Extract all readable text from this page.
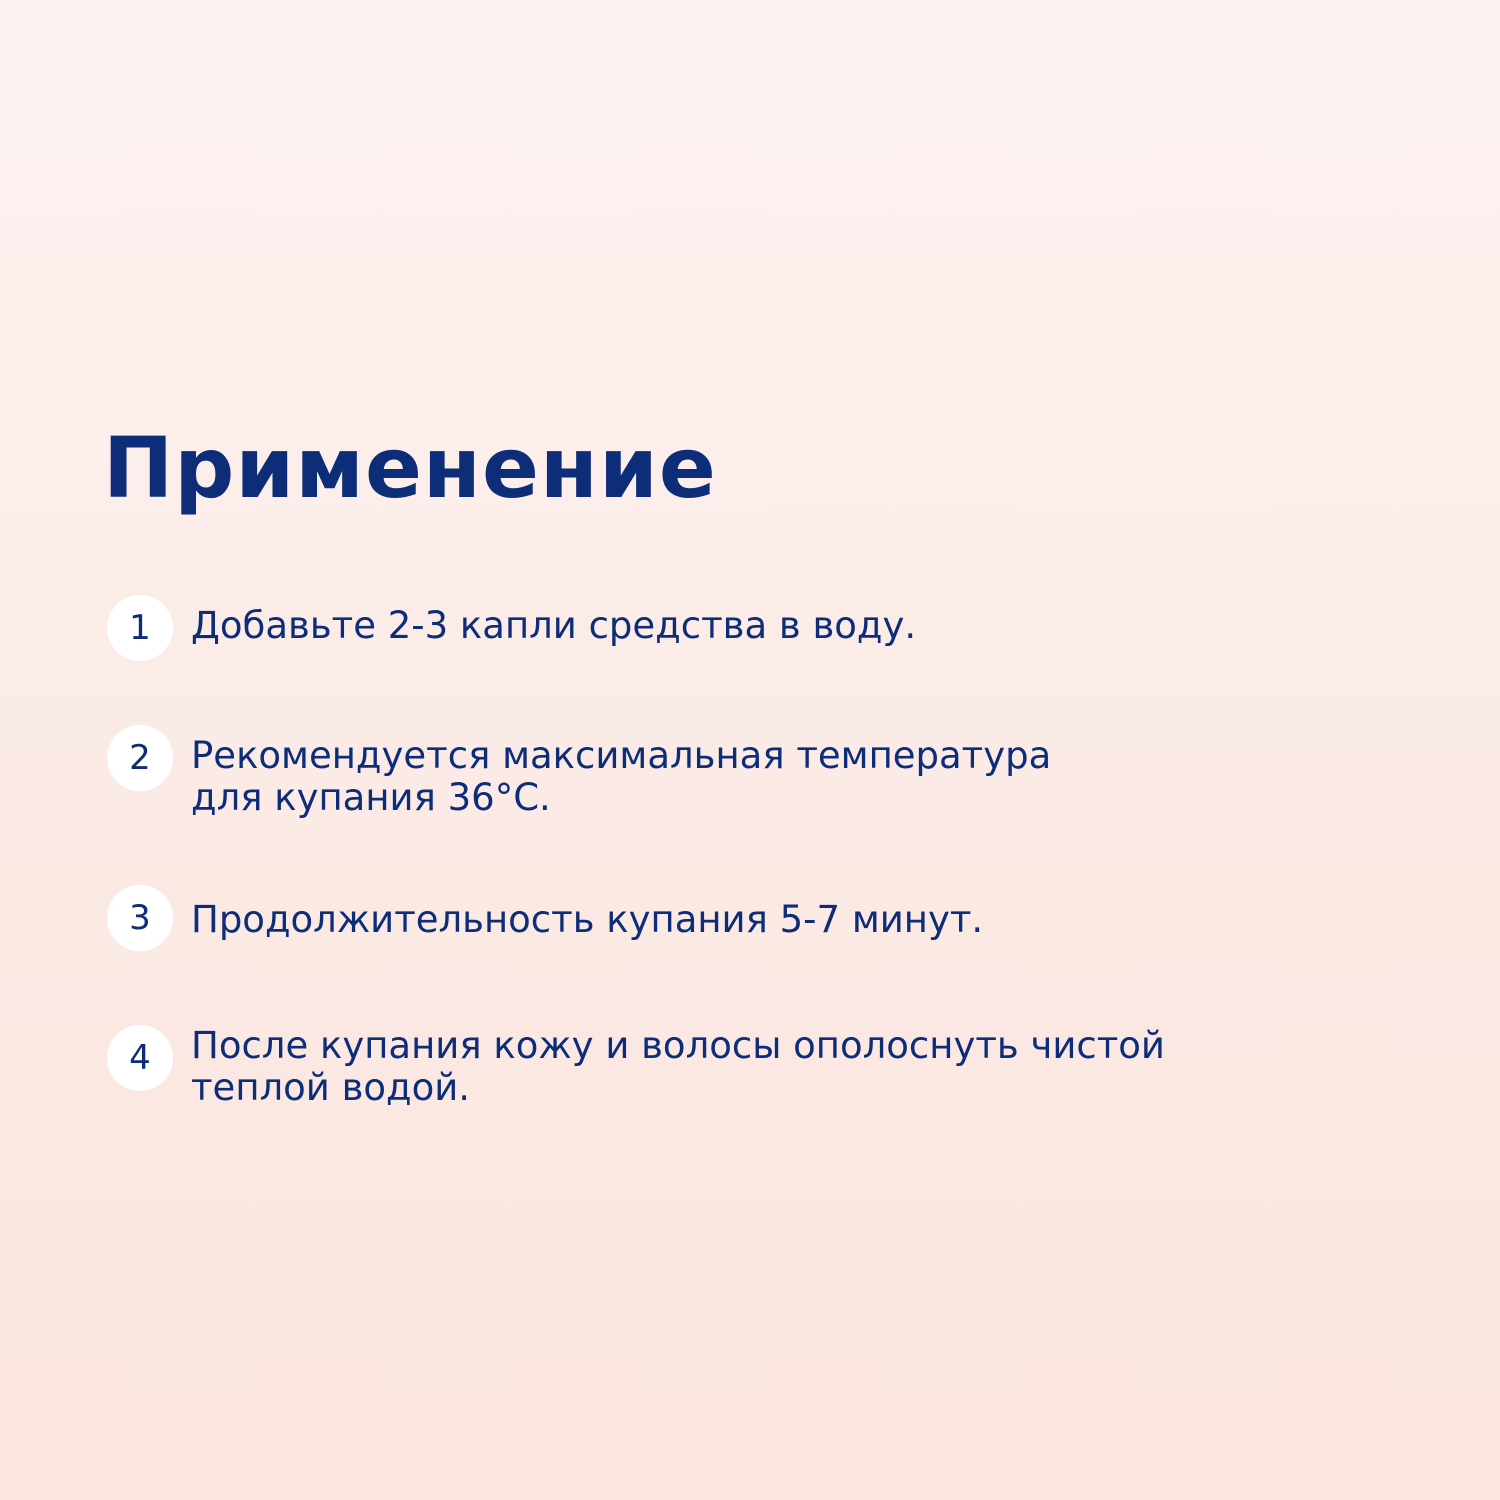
Применение
1	Добавьте 2-3 капли средства в воду.

2	Рекомендуется максимальная температура
для купания 36°С.

3	Продолжительность купания 5-7 минут.

4	После купания кожу и волосы ополоснуть чистой
теплой водой.
